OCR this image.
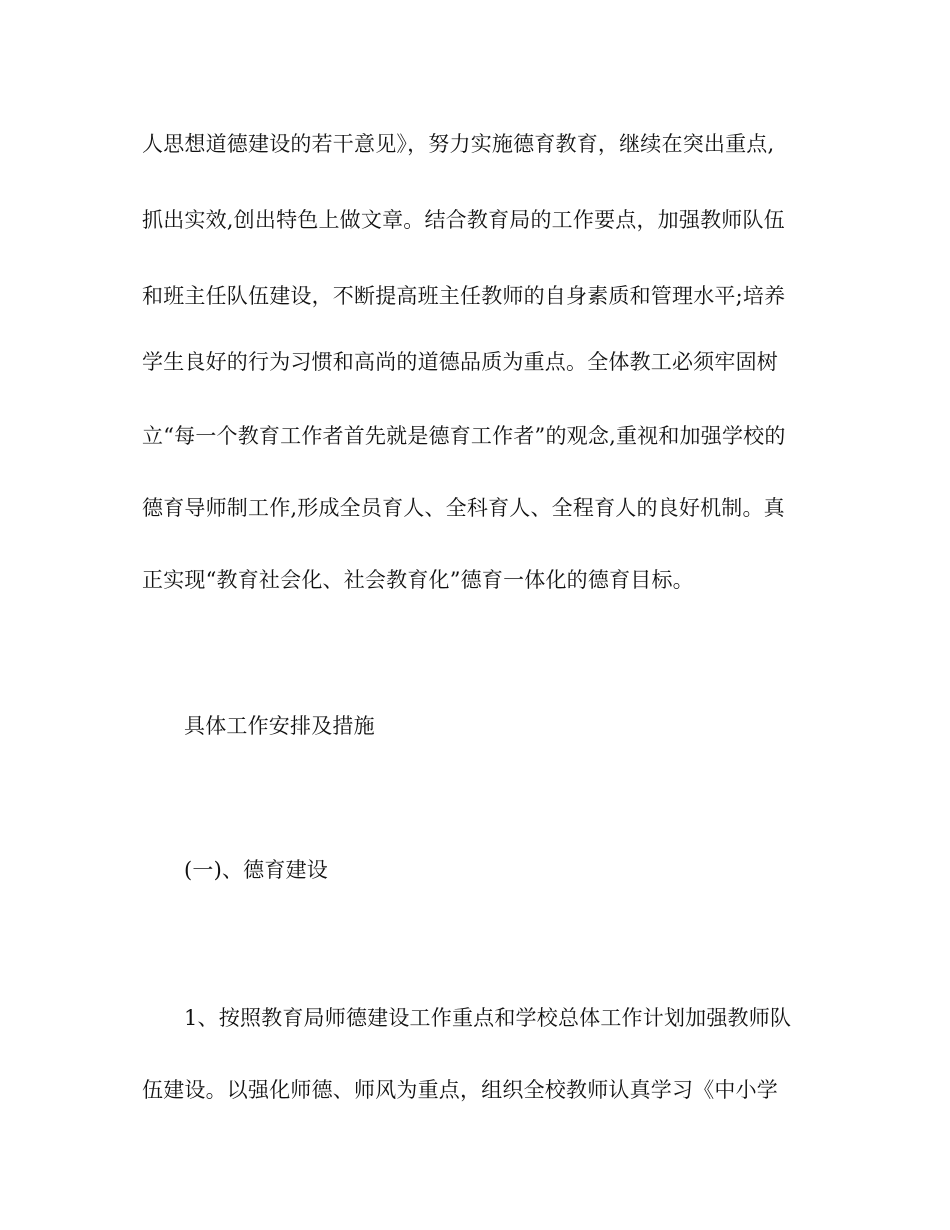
人思想道德建设的若干意见》，努力实施德育教育，继续在突出重点,
抓出实效,创出特色上做文章。结合教育局的工作要点，加强教师队伍
和班主任队伍建设，不断提高班主任教师的自身素质和管理水平;培养
学生良好的行为习惯和高尚的道德品质为重点。全体教工必须牢固树
立“每一个教育工作者首先就是德育工作者”的观念,重视和加强学校的
德育导师制工作,形成全员育人、全科育人、全程育人的良好机制。真
正实现“教育社会化、社会教育化”德育一体化的德育目标。
具体工作安排及措施
(一)、德育建设
1、按照教育局师德建设工作重点和学校总体工作计划加强教师队
伍建设。以强化师德、师风为重点，组织全校教师认真学习《中小学
